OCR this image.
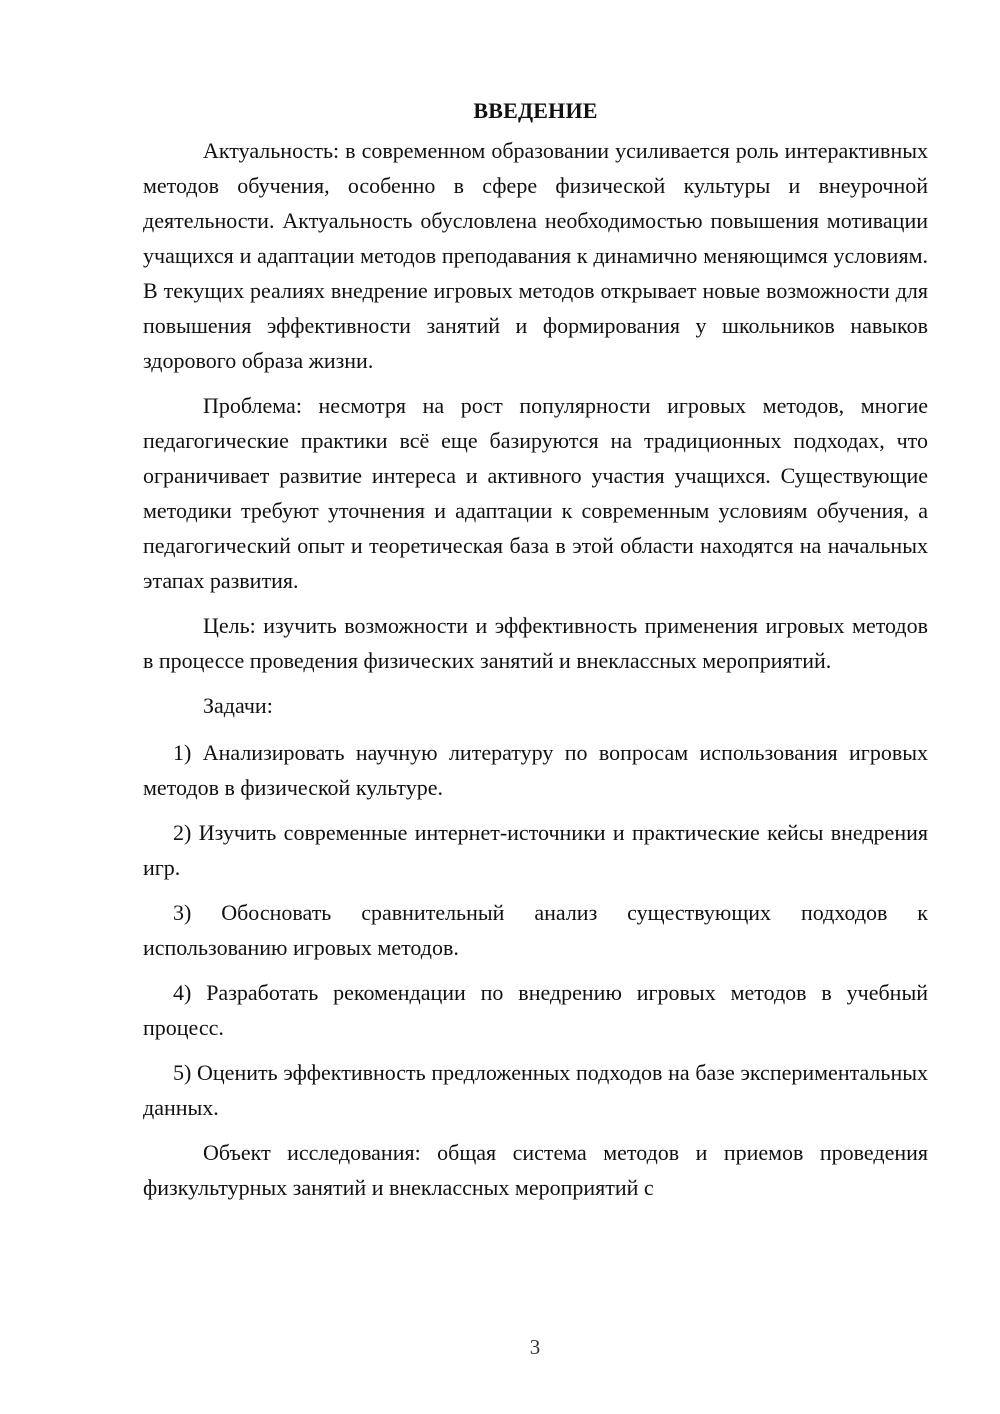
ВВЕДЕНИЕ

Актуальность: в современном образовании усиливается роль интерактивных методов обучения, особенно в сфере физической культуры и внеурочной деятельности. Актуальность обусловлена необходимостью повышения мотивации учащихся и адаптации методов преподавания к динамично меняющимся условиям. В текущих реалиях внедрение игровых методов открывает новые возможности для повышения эффективности занятий и формирования у школьников навыков здорового образа жизни.

Проблема: несмотря на рост популярности игровых методов, многие педагогические практики всё еще базируются на традиционных подходах, что ограничивает развитие интереса и активного участия учащихся. Существующие методики требуют уточнения и адаптации к современным условиям обучения, а педагогический опыт и теоретическая база в этой области находятся на начальных этапах развития.

Цель: изучить возможности и эффективность применения игровых методов в процессе проведения физических занятий и внеклассных мероприятий.

Задачи:

1) Анализировать научную литературу по вопросам использования игровых методов в физической культуре.

2) Изучить современные интернет-источники и практические кейсы внедрения игр.

3) Обосновать сравнительный анализ существующих подходов к использованию игровых методов.

4) Разработать рекомендации по внедрению игровых методов в учебный процесс.

5) Оценить эффективность предложенных подходов на базе экспериментальных данных.

Объект исследования: общая система методов и приемов проведения физкультурных занятий и внеклассных мероприятий с

3
